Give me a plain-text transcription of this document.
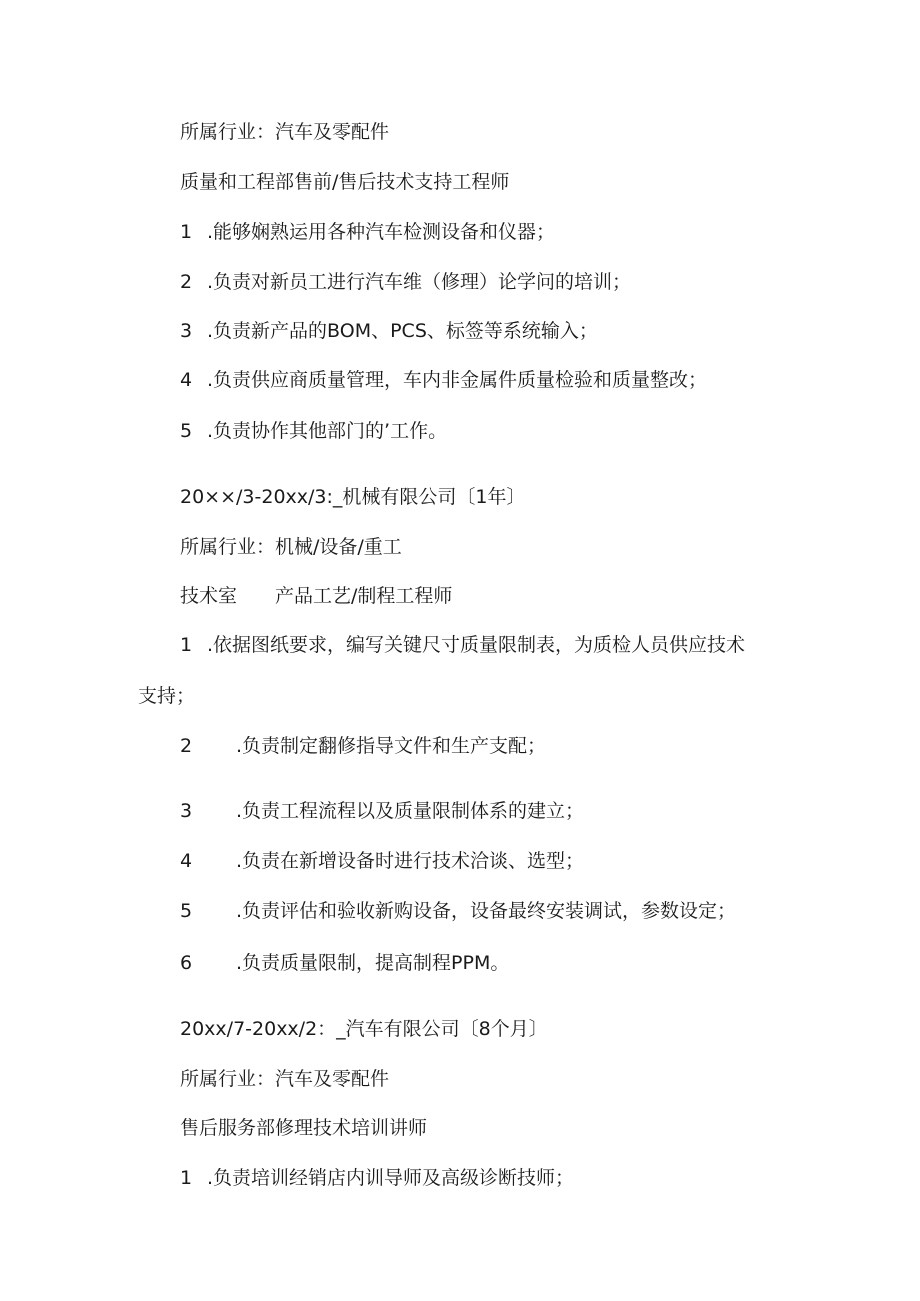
所属行业：汽车及零配件
质量和工程部售前/售后技术支持工程师
1 .能够娴熟运用各种汽车检测设备和仪器；
2 .负责对新员工进行汽车维（修理）论学问的培训；
3 .负责新产品的BOM、PCS、标签等系统输入；
4 .负责供应商质量管理，车内非金属件质量检验和质量整改；
5 .负责协作其他部门的’工作。
20××/3-20xx/3:_机械有限公司〔1年〕
所属行业：机械/设备/重工
技术室　　产品工艺/制程工程师
1 .依据图纸要求，编写关键尺寸质量限制表，为质检人员供应技术
支持；
2 .负责制定翻修指导文件和生产支配；
3 .负责工程流程以及质量限制体系的建立；
4 .负责在新增设备时进行技术洽谈、选型；
5 .负责评估和验收新购设备，设备最终安装调试，参数设定；
6 .负责质量限制，提高制程PPM。
20xx/7-20xx/2：_汽车有限公司〔8个月〕
所属行业：汽车及零配件
售后服务部修理技术培训讲师
1 .负责培训经销店内训导师及高级诊断技师；
